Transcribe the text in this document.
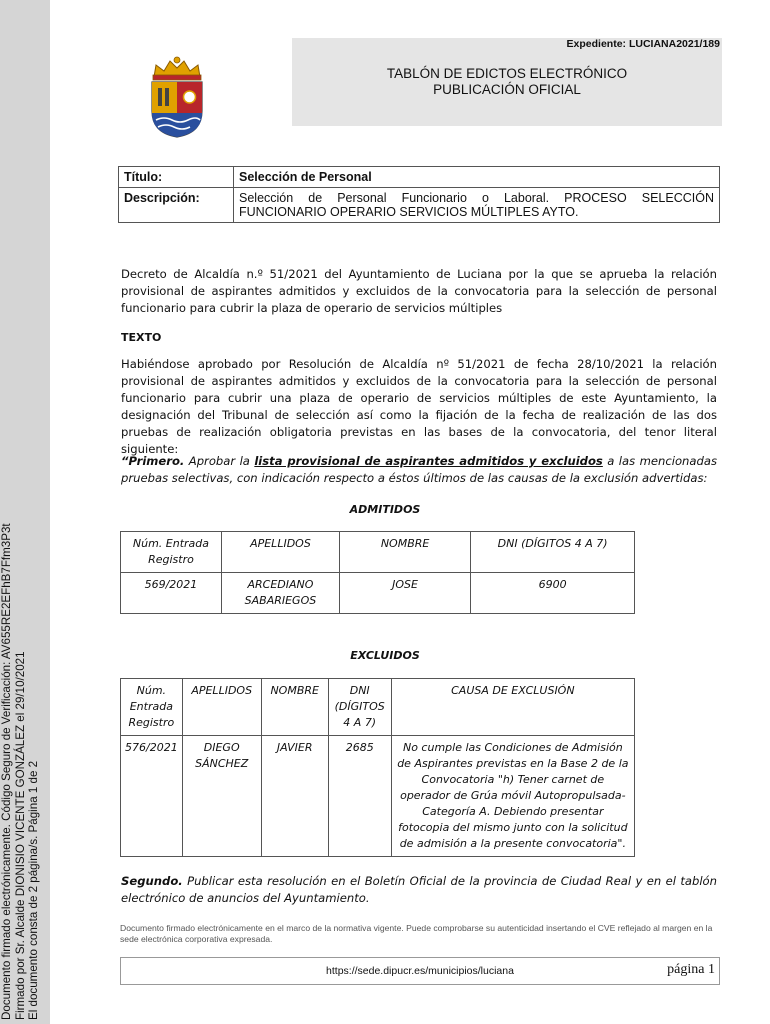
Documento firmado electrónicamente. Código Seguro de Verificación: AV655RE2EFhB7Ffm3P3t Firmado por Sr. Alcalde DIONISIO VICENTE GONZÁLEZ el 29/10/2021 El documento consta de 2 página/s. Página 1 de 2
Expediente: LUCIANA2021/189
TABLÓN DE EDICTOS ELECTRÓNICO
PUBLICACIÓN OFICIAL
Título:	Selección de Personal
Descripción:	Selección de Personal Funcionario o Laboral. PROCESO SELECCIÓN FUNCIONARIO OPERARIO SERVICIOS MÚLTIPLES AYTO.
Decreto de Alcaldía n.º 51/2021 del Ayuntamiento de Luciana por la que se aprueba la relación provisional de aspirantes admitidos y excluidos de la convocatoria para la selección de personal funcionario para cubrir la plaza de operario de servicios múltiples
TEXTO
Habiéndose aprobado por Resolución de Alcaldía nº 51/2021 de fecha 28/10/2021 la relación provisional de aspirantes admitidos y excluidos de la convocatoria para la selección de personal funcionario para cubrir una plaza de operario de servicios múltiples de este Ayuntamiento, la designación del Tribunal de selección así como la fijación de la fecha de realización de las dos pruebas de realización obligatoria previstas en las bases de la convocatoria, del tenor literal siguiente:
“Primero. Aprobar la lista provisional de aspirantes admitidos y excluidos a las mencionadas pruebas selectivas, con indicación respecto a éstos últimos de las causas de la exclusión advertidas:
ADMITIDOS
Núm. Entrada Registro	APELLIDOS	NOMBRE	DNI (DÍGITOS 4 A 7)
569/2021	ARCEDIANO SABARIEGOS	JOSE	6900
EXCLUIDOS
Núm. Entrada Registro	APELLIDOS	NOMBRE	DNI (DÍGITOS 4 A 7)	CAUSA DE EXCLUSIÓN
576/2021	DIEGO SÁNCHEZ	JAVIER	2685	No cumple las Condiciones de Admisión de Aspirantes previstas en la Base 2 de la Convocatoria "h) Tener carnet de operador de Grúa móvil Autopropulsada-Categoría A. Debiendo presentar fotocopia del mismo junto con la solicitud de admisión a la presente convocatoria".
Segundo. Publicar esta resolución en el Boletín Oficial de la provincia de Ciudad Real y en el tablón electrónico de anuncios del Ayuntamiento.
Documento firmado electrónicamente en el marco de la normativa vigente. Puede comprobarse su autenticidad insertando el CVE reflejado al margen en la sede electrónica corporativa expresada.
https://sede.dipucr.es/municipios/luciana	página 1
